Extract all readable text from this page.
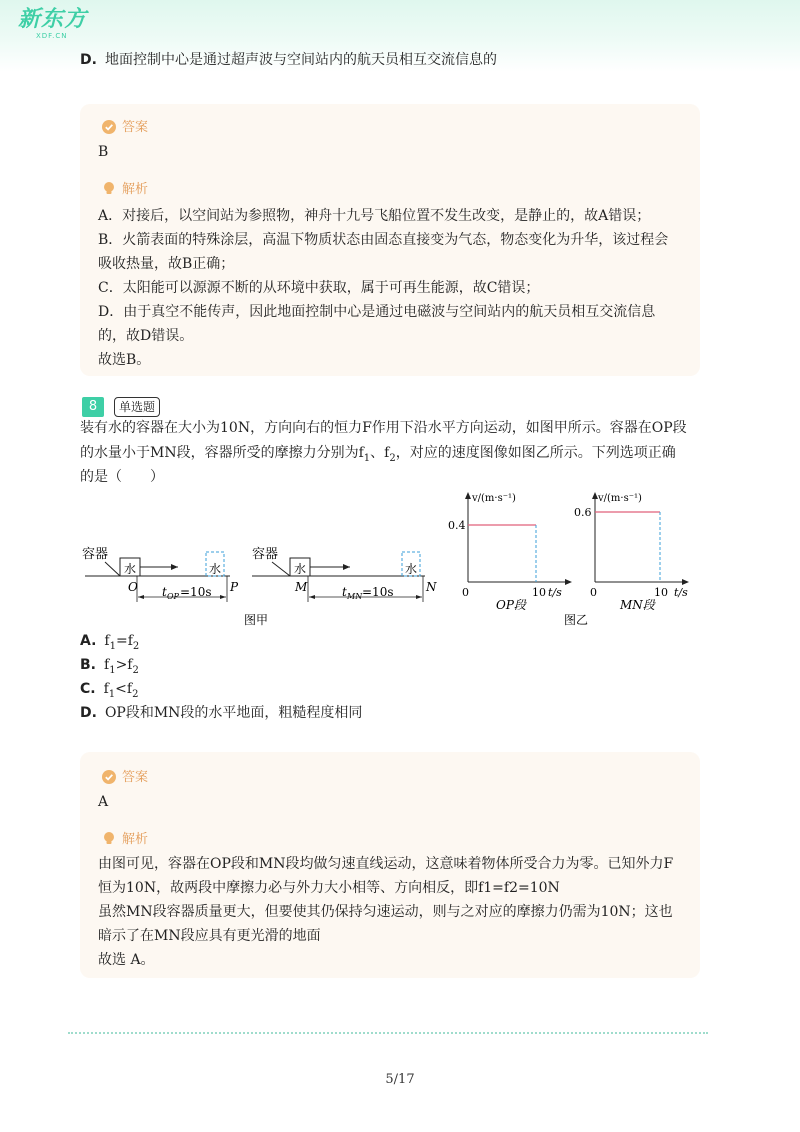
新东方
XDF.CN
D. 地面控制中心是通过超声波与空间站内的航天员相互交流信息的
答案
B
解析
A．对接后，以空间站为参照物，神舟十九号飞船位置不发生改变，是静止的，故A错误；
B．火箭表面的特殊涂层，高温下物质状态由固态直接变为气态，物态变化为升华，该过程会
吸收热量，故B正确；
C．太阳能可以源源不断的从环境中获取，属于可再生能源，故C错误；
D．由于真空不能传声，因此地面控制中心是通过电磁波与空间站内的航天员相互交流信息
的，故D错误。
故选B。
8	单选题
装有水的容器在大小为10N，方向向右的恒力F作用下沿水平方向运动，如图甲所示。容器在OP段
的水量小于MN段，容器所受的摩擦力分别为$f_1$、$f_2$，对应的速度图像如图乙所示。下列选项正确
的是（　　）
容器
水	水
O	P
t OP =10s
容器
水	水
M	N
t MN =10s
图甲
v/(m·s⁻¹)
t/s
0	10
0.4
OP段
v/(m·s⁻¹)
t/s
0	10
0.6
MN段
图乙
A. $f_1=f_2$
B. $f_1>f_2$
C. $f_1<f_2$
D. OP段和MN段的水平地面，粗糙程度相同
答案
A
解析
由图可见，容器在OP段和MN段均做匀速直线运动，这意味着物体所受合力为零。已知外力F
恒为10N，故两段中摩擦力必与外力大小相等、方向相反，即f1=f2=10N
虽然MN段容器质量更大，但要使其仍保持匀速运动，则与之对应的摩擦力仍需为10N；这也
暗示了在MN段应具有更光滑的地面
故选 A。
5/17
